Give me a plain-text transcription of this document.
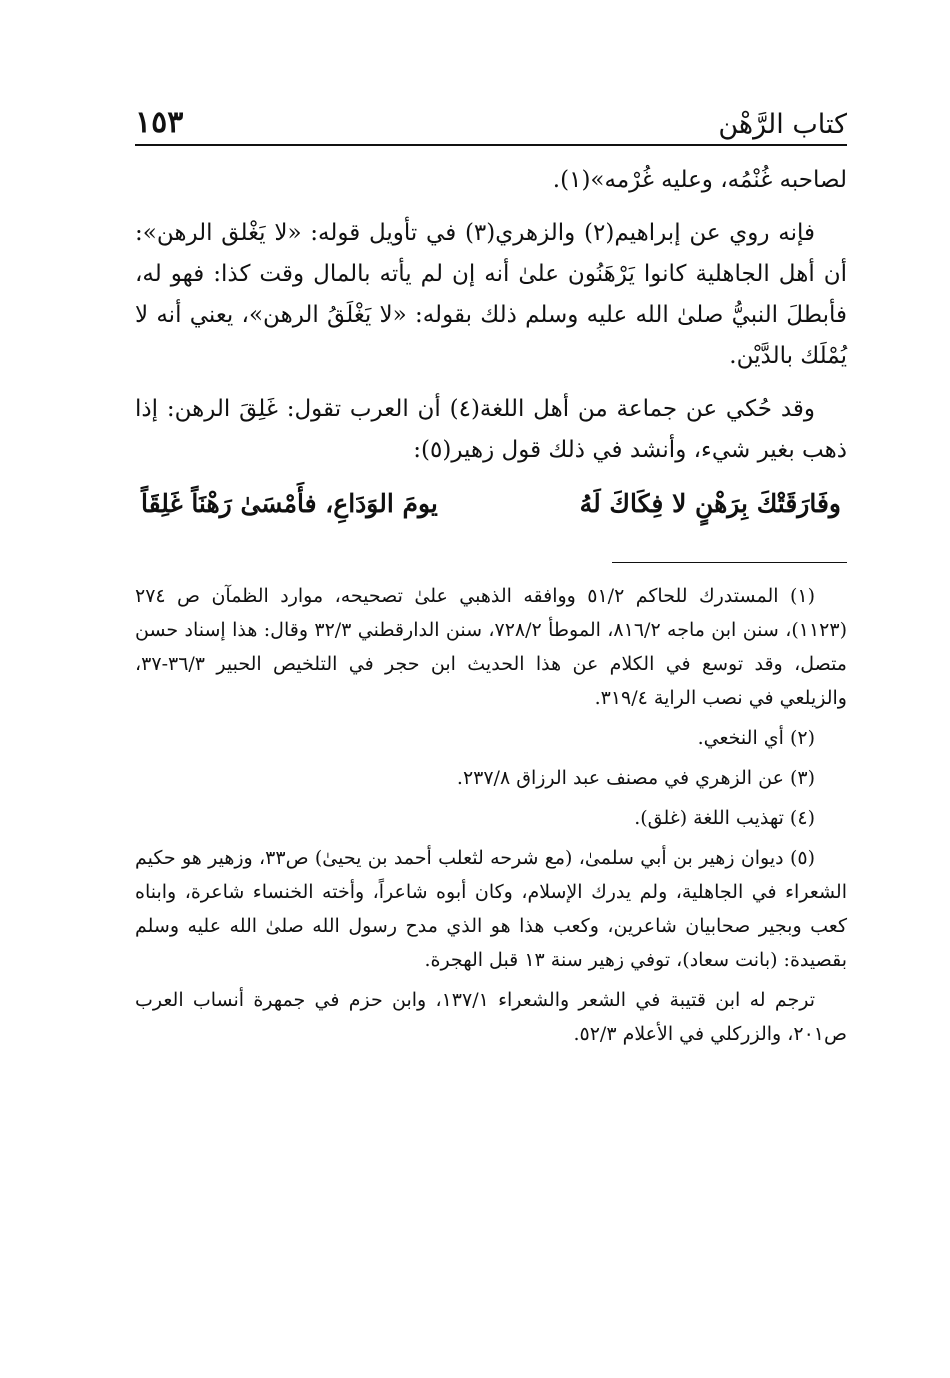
كتاب الرَّهْن
١٥٣

لصاحبه غُنْمُه، وعليه غُرْمه»(١).

فإنه روي عن إبراهيم(٢) والزهري(٣) في تأويل قوله: «لا يَغْلق الرهن»: أن أهل الجاهلية كانوا يَرْهَنُون علىٰ أنه إن لم يأته بالمال وقت كذا: فهو له، فأبطلَ النبيُّ صلىٰ الله عليه وسلم ذلك بقوله: «لا يَغْلَقُ الرهن»، يعني أنه لا يُمْلَك بالدَّيْن.

وقد حُكي عن جماعة من أهل اللغة(٤) أن العرب تقول: غَلِقَ الرهن: إذا ذهب بغير شيء، وأنشد في ذلك قول زهير(٥):

وفَارَقَتْكَ بِرَهْنٍ لا فِكَاكَ لَهُ
يومَ الوَدَاعِ، فأَمْسَىٰ رَهْنَاً غَلِقَاً

(١) المستدرك للحاكم ٥١/٢ ووافقه الذهبي علىٰ تصحيحه، موارد الظمآن ص ٢٧٤ (١١٢٣)، سنن ابن ماجه ٨١٦/٢، الموطأ ٧٢٨/٢، سنن الدارقطني ٣٢/٣ وقال: هذا إسناد حسن متصل، وقد توسع في الكلام عن هذا الحديث ابن حجر في التلخيص الحبير ٣٦/٣-٣٧، والزيلعي في نصب الراية ٣١٩/٤.

(٢) أي النخعي.

(٣) عن الزهري في مصنف عبد الرزاق ٢٣٧/٨.

(٤) تهذيب اللغة (غلق).

(٥) ديوان زهير بن أبي سلمىٰ، (مع شرحه لثعلب أحمد بن يحيىٰ) ص٣٣، وزهير هو حكيم الشعراء في الجاهلية، ولم يدرك الإسلام، وكان أبوه شاعراً، وأخته الخنساء شاعرة، وابناه كعب وبجير صحابيان شاعرين، وكعب هذا هو الذي مدح رسول الله صلىٰ الله عليه وسلم بقصيدة: (بانت سعاد)، توفي زهير سنة ١٣ قبل الهجرة.

ترجم له ابن قتيبة في الشعر والشعراء ١٣٧/١، وابن حزم في جمهرة أنساب العرب ص٢٠١، والزركلي في الأعلام ٥٢/٣.
